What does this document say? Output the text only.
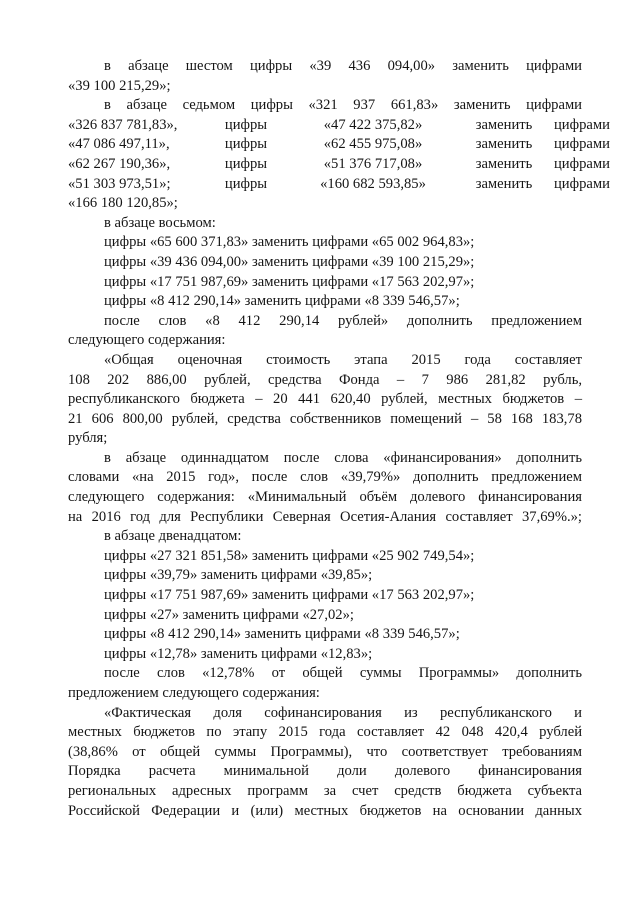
в абзаце шестом цифры «39 436 094,00» заменить цифрами

«39 100 215,29»;

в абзаце седьмом цифры «321 937 661,83» заменить цифрами

«326 837 781,83»,	цифры	«47 422 375,82»	заменить	цифрами
«47 086 497,11»,	цифры	«62 455 975,08»	заменить	цифрами
«62 267 190,36»,	цифры	«51 376 717,08»	заменить	цифрами
«51 303 973,51»;	цифры	«160 682 593,85»	заменить	цифрами

«166 180 120,85»;

в абзаце восьмом:

цифры «65 600 371,83» заменить цифрами «65 002 964,83»;

цифры «39 436 094,00» заменить цифрами «39 100 215,29»;

цифры «17 751 987,69» заменить цифрами «17 563 202,97»;

цифры «8 412 290,14» заменить цифрами «8 339 546,57»;

после слов «8 412 290,14 рублей» дополнить предложением

следующего содержания:

«Общая оценочная стоимость этапа 2015 года составляет

108 202 886,00 рублей, средства Фонда – 7 986 281,82 рубль,

республиканского бюджета – 20 441 620,40 рублей, местных бюджетов –

21 606 800,00 рублей, средства собственников помещений – 58 168 183,78

рубля;

в абзаце одиннадцатом после слова «финансирования» дополнить

словами «на 2015 год», после слов «39,79%» дополнить предложением

следующего содержания: «Минимальный объём долевого финансирования

на 2016 год для Республики Северная Осетия-Алания составляет 37,69%.»;

в абзаце двенадцатом:

цифры «27 321 851,58» заменить цифрами «25 902 749,54»;

цифры «39,79» заменить цифрами «39,85»;

цифры «17 751 987,69» заменить цифрами «17 563 202,97»;

цифры «27» заменить цифрами «27,02»;

цифры «8 412 290,14» заменить цифрами «8 339 546,57»;

цифры «12,78» заменить цифрами «12,83»;

после слов «12,78% от общей суммы Программы» дополнить

предложением следующего содержания:

«Фактическая доля софинансирования из республиканского и

местных бюджетов по этапу 2015 года составляет 42 048 420,4 рублей

(38,86% от общей суммы Программы), что соответствует требованиям

Порядка расчета минимальной доли долевого финансирования

региональных адресных программ за счет средств бюджета субъекта

Российской Федерации и (или) местных бюджетов на основании данных
